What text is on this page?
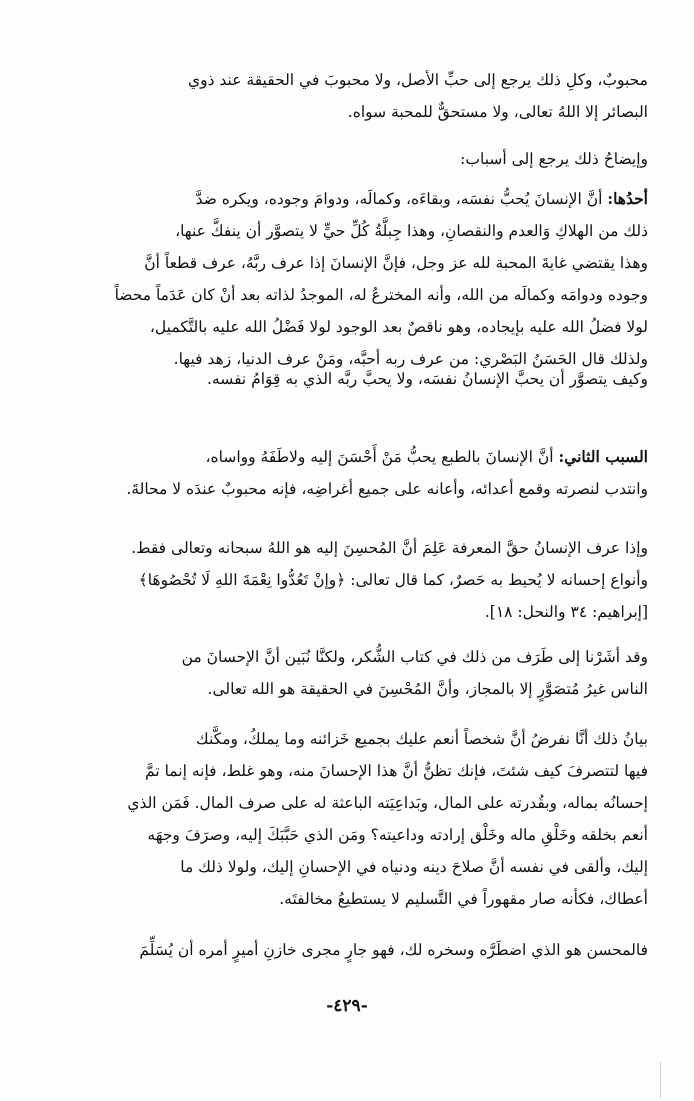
محبوبٌ، وكلِ ذلك يرجع إلى حبِّ الأصل، ولا محبوبَ في الحقيقة عند ذوي
البصائر إلا اللهُ تعالى، ولا مستحقٌّ للمحبة سواه.
وإيضاحُ ذلك يرجع إلى أسباب:
أحدُها: أنَّ الإنسانَ يُحبُّ نفسَه، وبقاءَه، وكمالَه، ودوامَ وجوده، ويكره ضدَّ
ذلك من الهلاكِ وَالعدم والنقصانِ، وهذا جِبلَّةُ كُلِّ حيٍّ لا يتصوَّر أن ينفكَّ عنها،
وهذا يقتضي غايةَ المحبة لله عز وجل، فإنَّ الإنسانَ إذا عرف ربَّهُ، عرف قطعاً أنَّ
وجوده ودوامَه وكمالَه من الله، وأنه المخترعُ له، الموجدُ لذاته بعد أنْ كان عَدَماً محضاً
لولا فضلُ الله عليه بإيجاده، وهو ناقصٌ بعد الوجود لولا فَضْلُ الله عليه بالتَّكميل،
ولذلك قال الحَسَنُ البَصْري: من عرف ربه أحبَّه، ومَنْ عرف الدنيا، زهد فيها.
وكيف يتصوَّر أن يحبَّ الإنسانُ نفسَه، ولا يحبَّ ربَّه الذي به قِوَامُ نفسه.
السبب الثاني: أنَّ الإنسانَ بالطبع يحبُّ مَنْ أَحْسَنَ إليه ولاطَفَهُ وواساه،
وانتدب لنصرته وقمع أعدائه، وأعانه على جميع أغراضِه، فإنه محبوبٌ عندَه لا محالةَ.
وإذا عرف الإنسانُ حقَّ المعرفة عَلِمَ أنَّ المُحسِنَ إليه هو اللهُ سبحانه وتعالى فقط.
وأنواع إحسانه لا يُحيط به حَصرٌ، كما قال تعالى: ﴿وإنْ تَعُدُّوا نِعْمَةَ اللهِ لَا تُحْصُوهَا﴾
[إبراهيم: ٣٤ والنحل: ١٨].
وقد أشَرْنا إلى طَرَف من ذلك في كتاب الشُّكر، ولكنَّا نُبَين أنَّ الإحسانَ من
الناس غيرُ مُتصَوَّرٍ إلا بالمجاز، وأنَّ المُحْسِنَ في الحقيقة هو الله تعالى.
بيانُ ذلك أنَّا نفرضُ أنَّ شخصاً أنعم عليك بجميع خَزائنه وما يملكُ، ومكَّنك
فيها لتتصرفَ كيف شئتَ، فإنك تظنُّ أنَّ هذا الإحسانَ منه، وهو غلط، فإنه إنما تمَّ
إحسانُه بماله، وبقُدرته على المال، وبَداعِيَته الباعثة له على صرف المال. فَمَن الذي
أنعم بخلقه وخَلْقِ ماله وخَلْق إرادته وداعيته؟ ومَن الذي حَبَّبَكَ إليه، وصرَفَ وجهَه
إليك، وألقى في نفسه أنَّ صلاحَ دينه ودنياه في الإحسانِ إليك، ولولا ذلك ما
أعطاك، فكأنه صار مقهوراً في التَّسليم لا يستطيعُ مخالفتَه.
فالمحسن هو الذي اضطَرَّه وسخره لك، فهو جارٍ مجرى خازنِ أميرٍ أمره أن يُسَلِّمَ
-٤٢٩-
